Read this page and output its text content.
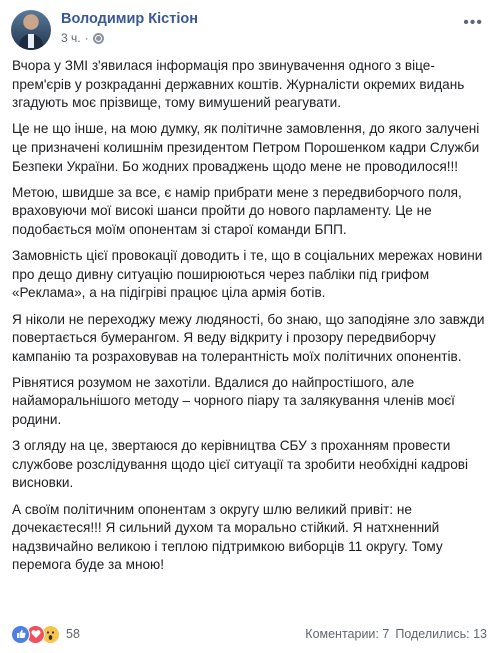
Володимир Кістіон
3 ч. ·
•••

Вчора у ЗМІ з'явилася інформація про звинувачення одного з віце-прем'єрів у розкраданні державних коштів. Журналісти окремих видань згадують моє прізвище, тому вимушений реагувати.

Це не що інше, на мою думку, як політичне замовлення, до якого залучені це призначені колишнім президентом Петром Порошенком кадри Служби Безпеки України. Бо жодних проваджень щодо мене не проводилося!!!

Метою, швидше за все, є намір прибрати мене з передвиборчого поля, враховуючи мої високі шанси пройти до нового парламенту. Це не подобається моїм опонентам зі старої команди БПП.

Замовність цієї провокації доводить і те, що в соціальних мережах новини про дещо дивну ситуацію поширюються через пабліки під грифом «Реклама», а на підігріві працює ціла армія ботів.

Я ніколи не переходжу межу людяності, бо знаю, що заподіяне зло завжди повертається бумерангом. Я веду відкриту і прозору передвиборчу кампанію та розраховував на толерантність моїх політичних опонентів.

Рівнятися розумом не захотіли. Вдалися до найпростішого, але найаморальнішого методу – чорного піару та залякування членів моєї родини.

З огляду на це, звертаюся до керівництва СБУ з проханням провести службове розслідування щодо цієї ситуації та зробити необхідні кадрові висновки.

А своїм політичним опонентам з округу шлю великий привіт: не дочекаєтеся!!! Я сильний духом та морально стійкий. Я натхненний надзвичайно великою і теплою підтримкою виборців 11 округу. Тому перемога буде за мною!

58	Коментарии: 7 Поделились: 13
